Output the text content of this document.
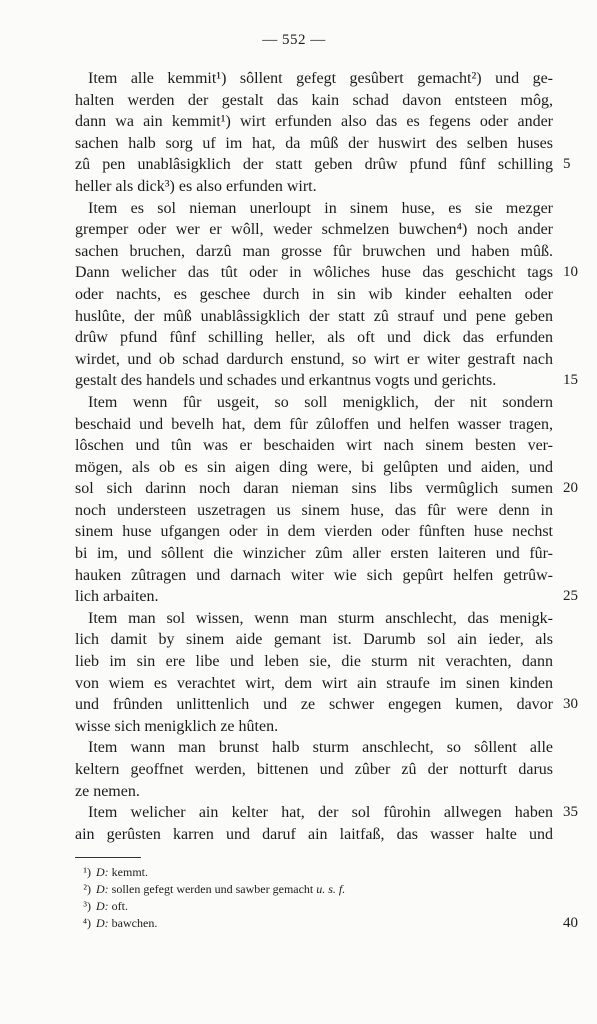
— 552 —
Item alle kemmit¹) sôllent gefegt gesûbert gemacht²) und ge-
halten werden der gestalt das kain schad davon entsteen môg,
dann wa ain kemmit¹) wirt erfunden also das es fegens oder ander
sachen halb sorg uf im hat, da mûß der huswirt des selben huses
zû pen unablâsigklich der statt geben drûw pfund fûnf schilling 5
heller als dick³) es also erfunden wirt.
Item es sol nieman unerloupt in sinem huse, es sie mezger
gremper oder wer er wôll, weder schmelzen buwchen⁴) noch ander
sachen bruchen, darzû man grosse fûr bruwchen und haben mûß.
Dann welicher das tût oder in wôliches huse das geschicht tags 10
oder nachts, es geschee durch in sin wib kinder eehalten oder
huslûte, der mûß unablâssigklich der statt zû strauf und pene geben
drûw pfund fûnf schilling heller, als oft und dick das erfunden
wirdet, und ob schad dardurch enstund, so wirt er witer gestraft nach
gestalt des handels und schades und erkantnus vogts und gerichts.	15
Item wenn fûr usgeit, so soll menigklich, der nit sondern
beschaid und bevelh hat, dem fûr zûloffen und helfen wasser tragen,
lôschen und tûn was er beschaiden wirt nach sinem besten ver-
mögen, als ob es sin aigen ding were, bi gelûpten und aiden, und
sol sich darinn noch daran nieman sins libs vermûglich sumen 20
noch understeen uszetragen us sinem huse, das fûr were denn in
sinem huse ufgangen oder in dem vierden oder fûnften huse nechst
bi im, und sôllent die winzicher zûm aller ersten laiteren und fûr-
hauken zûtragen und darnach witer wie sich gepûrt helfen getrûw-
lich arbaiten.	25
Item man sol wissen, wenn man sturm anschlecht, das menigk-
lich damit by sinem aide gemant ist. Darumb sol ain ieder, als
lieb im sin ere libe und leben sie, die sturm nit verachten, dann
von wiem es verachtet wirt, dem wirt ain straufe im sinen kinden
und frûnden unlittenlich und ze schwer engegen kumen, davor 30
wisse sich menigklich ze hûten.
Item wann man brunst halb sturm anschlecht, so sôllent alle
keltern geoffnet werden, bittenen und zûber zû der notturft darus
ze nemen.
Item welicher ain kelter hat, der sol fûrohin allwegen haben 35
ain gerûsten karren und daruf ain laitfaß, das wasser halte und
¹) D: kemmt.
²) D: sollen gefegt werden und sawber gemacht u. s. f.
³) D: oft.
⁴) D: bawchen.	40
